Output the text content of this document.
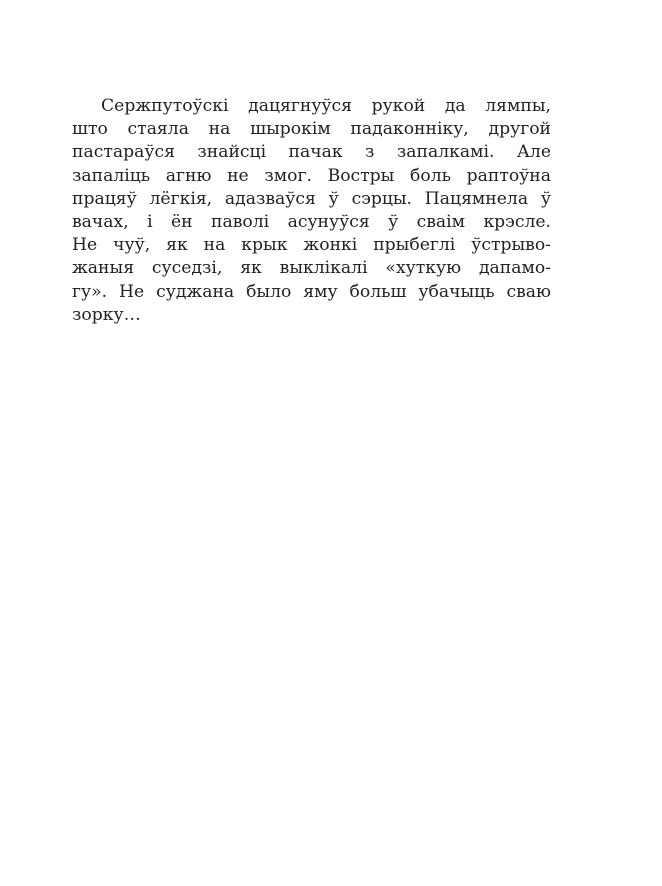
Сержпутоўскі дацягнуўся рукой да лямпы,
што стаяла на шырокім падаконніку, другой
пастараўся знайсці пачак з запалкамі. Але
запаліць агню не змог. Востры боль раптоўна
працяў лёгкія, адазваўся ў сэрцы. Пацямнела ў
вачах, і ён паволі асунуўся ў сваім крэсле.
Не чуў, як на крык жонкі прыбеглі ўстрыво-
жаныя суседзі, як выклікалі «хуткую дапамо-
гу». Не суджана было яму больш убачыць сваю
зорку…
